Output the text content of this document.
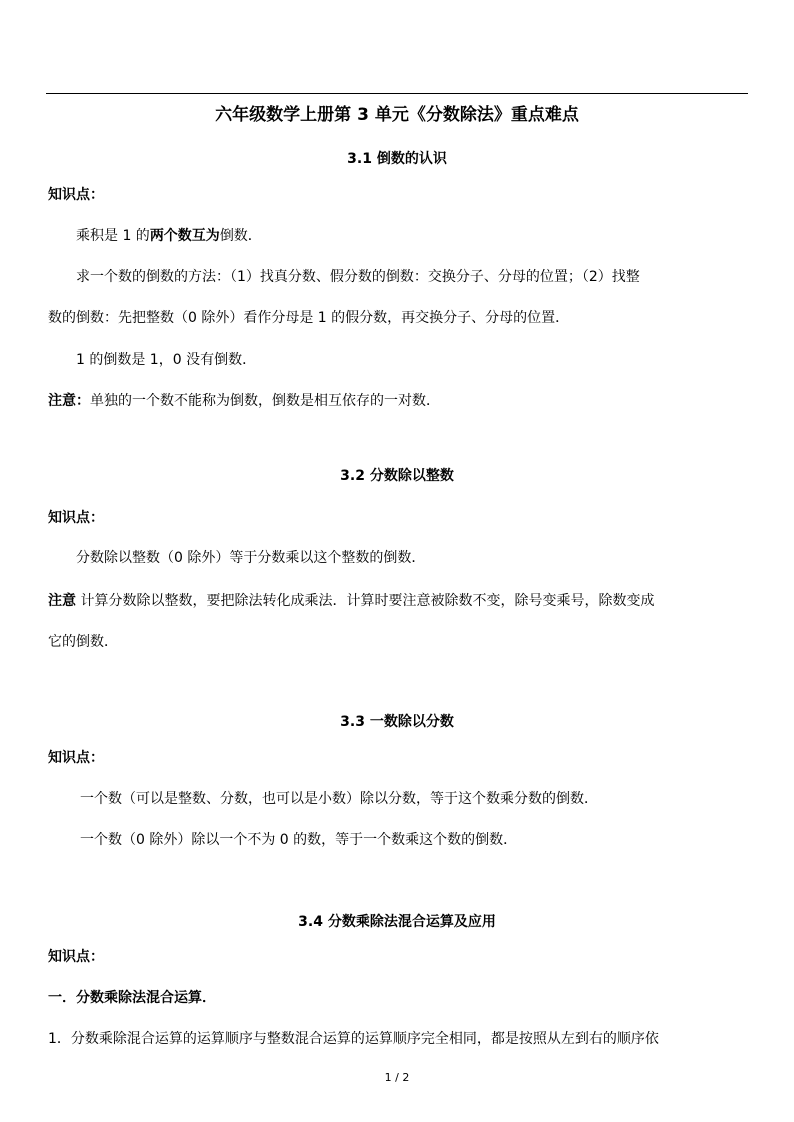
六年级数学上册第 3 单元《分数除法》重点难点
3.1 倒数的认识
知识点：
乘积是 1 的两个数互为倒数．
求一个数的倒数的方法：（1）找真分数、假分数的倒数：交换分子、分母的位置；（2）找整
数的倒数：先把整数（0 除外）看作分母是 1 的假分数，再交换分子、分母的位置．
1 的倒数是 1，0 没有倒数．
注意：单独的一个数不能称为倒数，倒数是相互依存的一对数．
3.2 分数除以整数
知识点：
分数除以整数（0 除外）等于分数乘以这个整数的倒数．
注意 计算分数除以整数，要把除法转化成乘法．计算时要注意被除数不变，除号变乘号，除数变成
它的倒数．
3.3 一数除以分数
知识点：
一个数（可以是整数、分数，也可以是小数）除以分数，等于这个数乘分数的倒数．
一个数（0 除外）除以一个不为 0 的数，等于一个数乘这个数的倒数．
3.4 分数乘除法混合运算及应用
知识点：
一．分数乘除法混合运算．
1．分数乘除混合运算的运算顺序与整数混合运算的运算顺序完全相同，都是按照从左到右的顺序依
1 / 2
